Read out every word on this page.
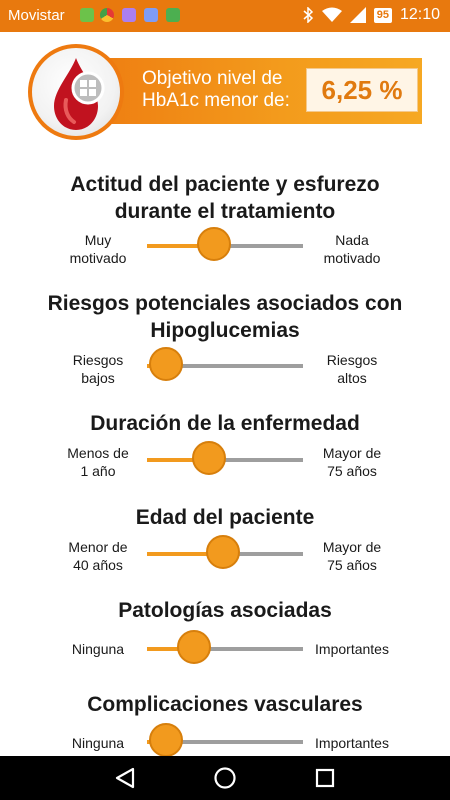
Movistar	95 12:10
Objetivo nivel de
HbA1c menor de:	6,25 %
Actitud del paciente y esfurezo
durante el tratamiento
Muy
motivado
Nada
motivado
Riesgos potenciales asociados con
Hipoglucemias
Riesgos
bajos
Riesgos
altos
Duración de la enfermedad
Menos de
1 año
Mayor de
75 años
Edad del paciente
Menor de
40 años
Mayor de
75 años
Patologías asociadas
Ninguna	Importantes
Complicaciones vasculares
Ninguna	Importantes
